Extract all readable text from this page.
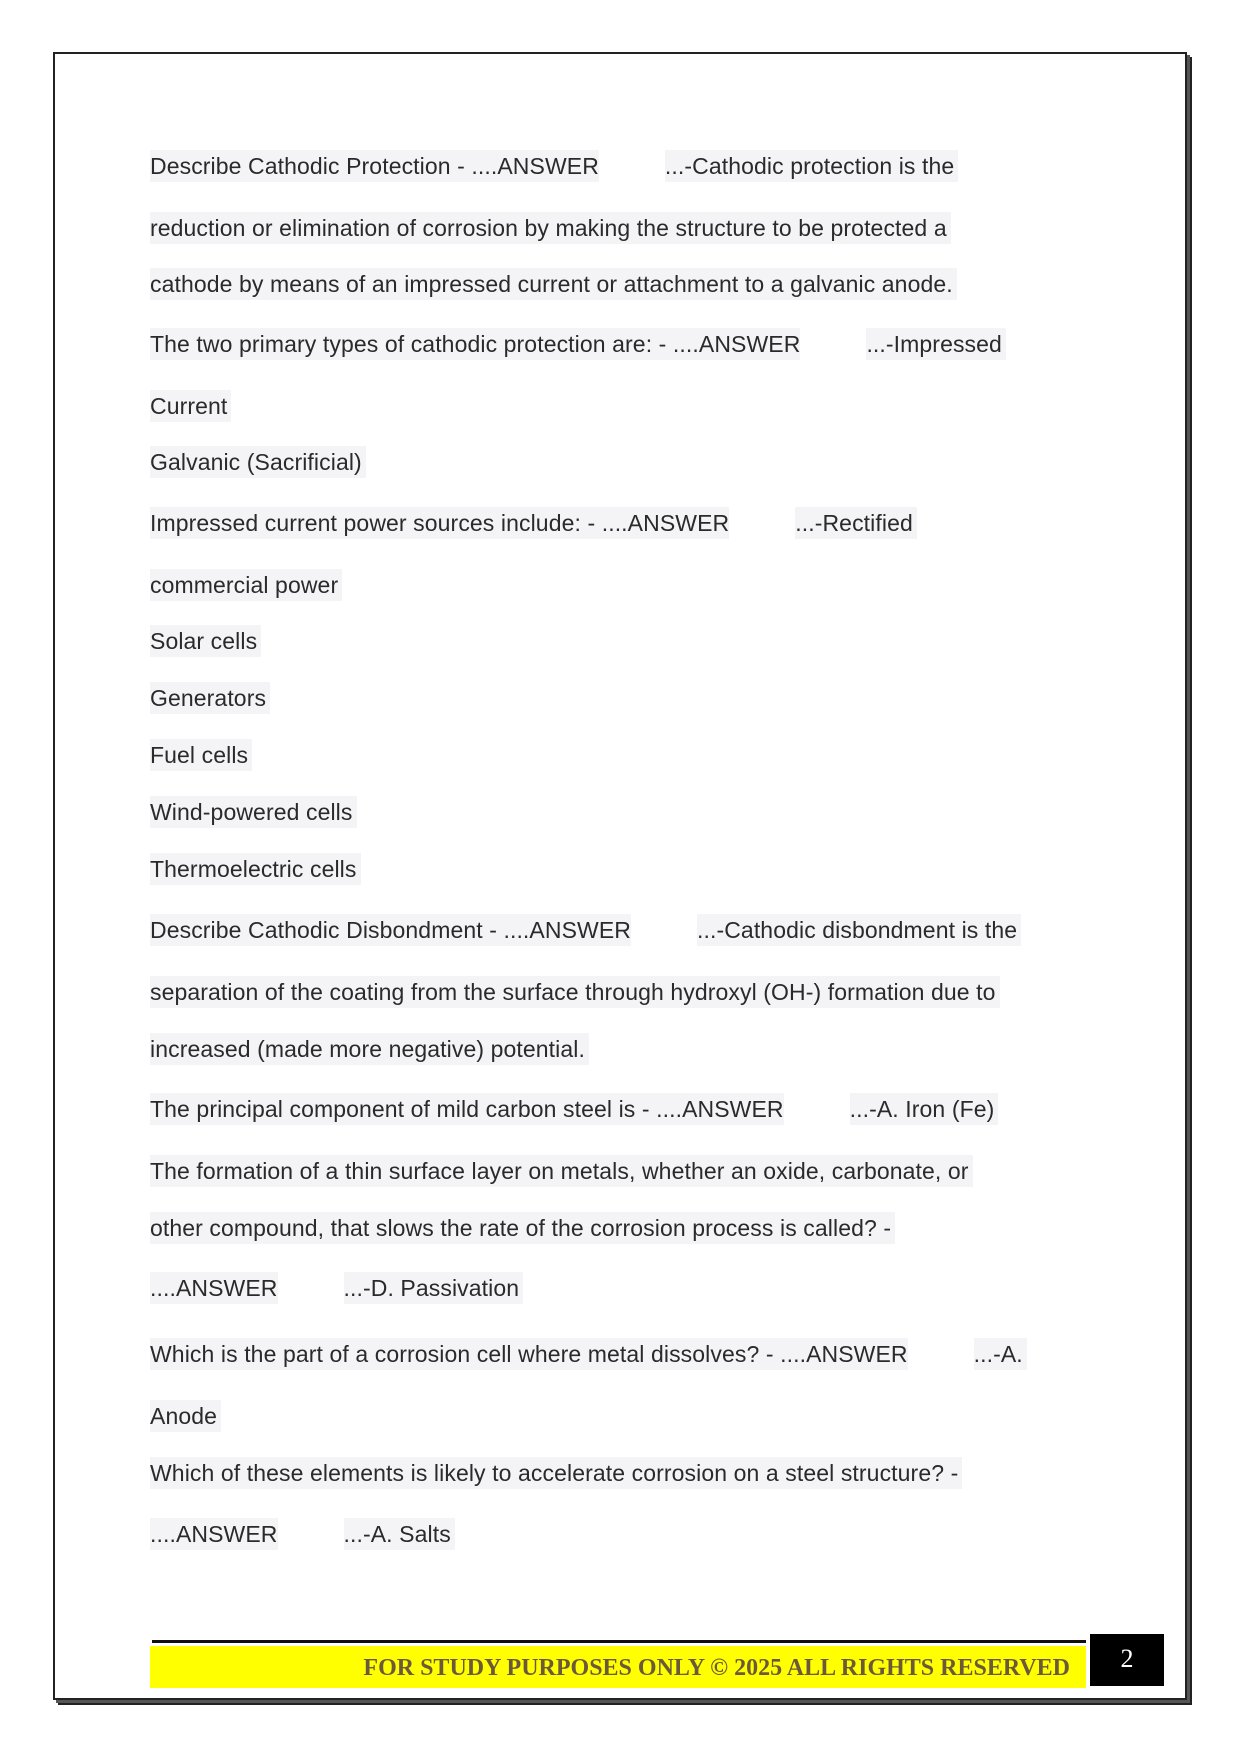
Describe Cathodic Protection - ....ANSWER	...-Cathodic protection is the
reduction or elimination of corrosion by making the structure to be protected a
cathode by means of an impressed current or attachment to a galvanic anode.
The two primary types of cathodic protection are: - ....ANSWER	...-Impressed
Current
Galvanic (Sacrificial)
Impressed current power sources include: - ....ANSWER	...-Rectified
commercial power
Solar cells
Generators
Fuel cells
Wind-powered cells
Thermoelectric cells
Describe Cathodic Disbondment - ....ANSWER	...-Cathodic disbondment is the
separation of the coating from the surface through hydroxyl (OH-) formation due to
increased (made more negative) potential.
The principal component of mild carbon steel is - ....ANSWER	...-A. Iron (Fe)
The formation of a thin surface layer on metals, whether an oxide, carbonate, or
other compound, that slows the rate of the corrosion process is called? -
....ANSWER	...-D. Passivation
Which is the part of a corrosion cell where metal dissolves? - ....ANSWER	...-A.
Anode
Which of these elements is likely to accelerate corrosion on a steel structure? -
....ANSWER	...-A. Salts
FOR STUDY PURPOSES ONLY © 2025 ALL RIGHTS RESERVED	2
